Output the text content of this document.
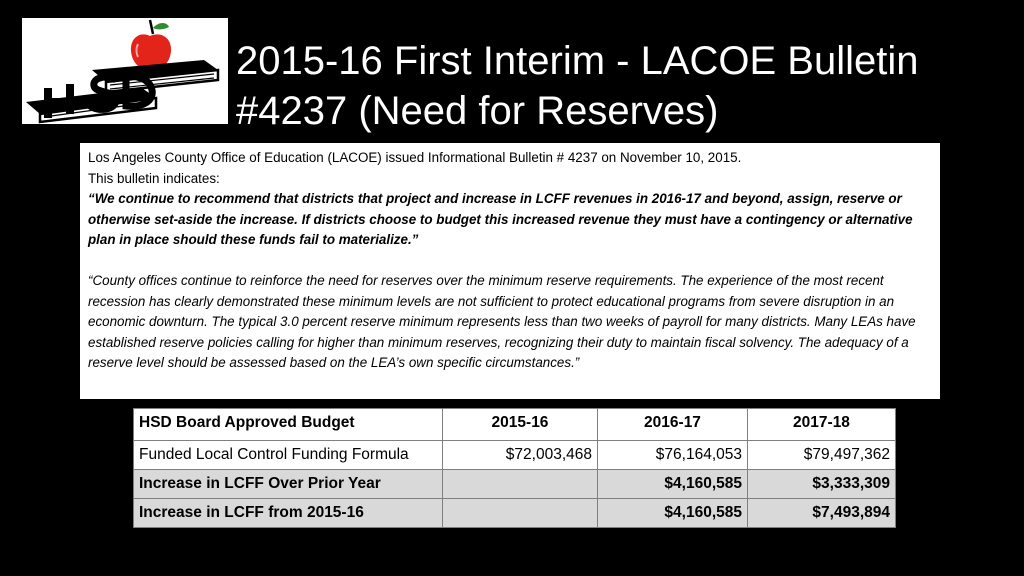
2015-16 First Interim - LACOE Bulletin
#4237 (Need for Reserves)

Los Angeles County Office of Education (LACOE) issued Informational Bulletin # 4237 on November 10, 2015.

This bulletin indicates:

“We continue to recommend that districts that project and increase in LCFF revenues in 2016-17 and beyond, assign, reserve or otherwise set-aside the increase. If districts choose to budget this increased revenue they must have a contingency or alternative plan in place should these funds fail to materialize.”

“County offices continue to reinforce the need for reserves over the minimum reserve requirements. The experience of the most recent recession has clearly demonstrated these minimum levels are not sufficient to protect educational programs from severe disruption in an economic downturn. The typical 3.0 percent reserve minimum represents less than two weeks of payroll for many districts. Many LEAs have established reserve policies calling for higher than minimum reserves, recognizing their duty to maintain fiscal solvency. The adequacy of a reserve level should be assessed based on the LEA’s own specific circumstances.”

HSD Board Approved Budget	2015-16	2016-17	2017-18

Funded Local Control Funding Formula	$72,003,468	$76,164,053	$79,497,362
Increase in LCFF Over Prior Year		$4,160,585	$3,333,309
Increase in LCFF from 2015-16		$4,160,585	$7,493,894
